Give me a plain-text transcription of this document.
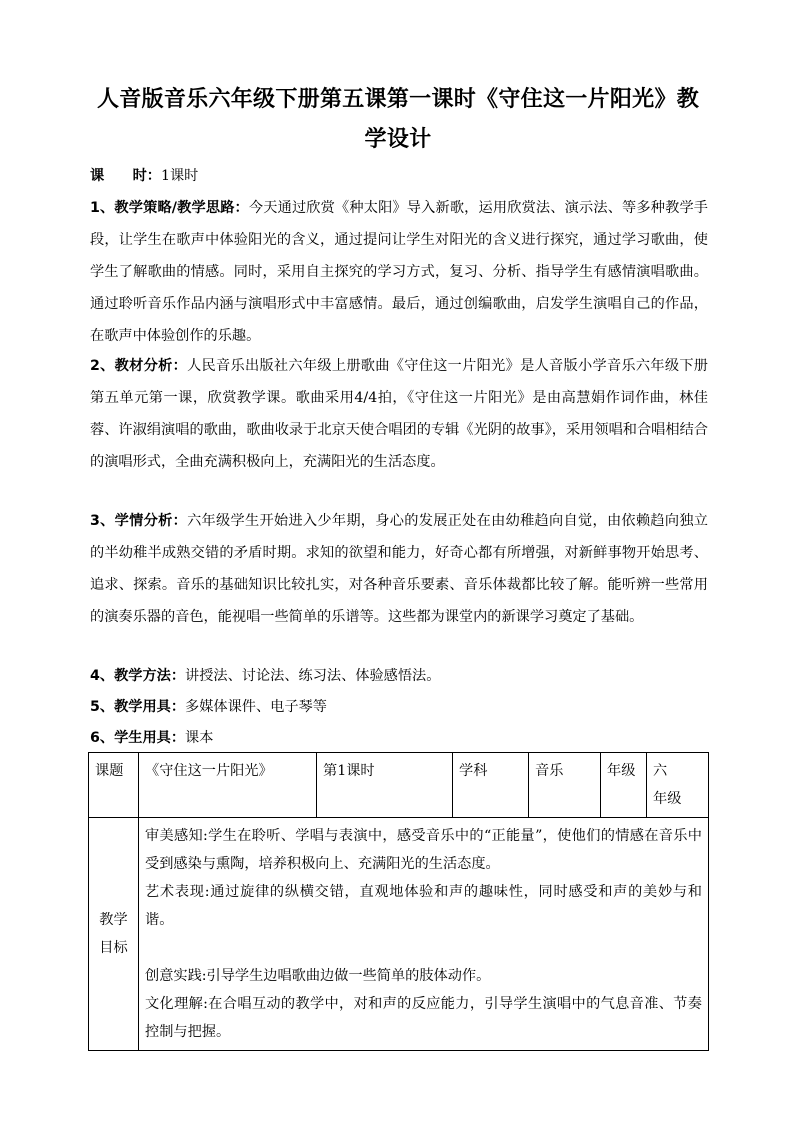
人音版音乐六年级下册第五课第一课时《守住这一片阳光》教学设计

课　　时：1课时

1、教学策略/教学思路：今天通过欣赏《种太阳》导入新歌，运用欣赏法、演示法、等多种教学手段，让学生在歌声中体验阳光的含义，通过提问让学生对阳光的含义进行探究，通过学习歌曲，使学生了解歌曲的情感。同时，采用自主探究的学习方式，复习、分析、指导学生有感情演唱歌曲。通过聆听音乐作品内涵与演唱形式中丰富感情。最后，通过创编歌曲，启发学生演唱自己的作品，在歌声中体验创作的乐趣。

2、教材分析：人民音乐出版社六年级上册歌曲《守住这一片阳光》是人音版小学音乐六年级下册第五单元第一课，欣赏教学课。歌曲采用4/4拍，《守住这一片阳光》是由高慧娟作词作曲，林佳蓉、许淑绢演唱的歌曲，歌曲收录于北京天使合唱团的专辑《光阴的故事》，采用领唱和合唱相结合的演唱形式，全曲充满积极向上，充满阳光的生活态度。

3、学情分析：六年级学生开始进入少年期，身心的发展正处在由幼稚趋向自觉，由依赖趋向独立的半幼稚半成熟交错的矛盾时期。求知的欲望和能力，好奇心都有所增强，对新鲜事物开始思考、追求、探索。音乐的基础知识比较扎实，对各种音乐要素、音乐体裁都比较了解。能听辨一些常用的演奏乐器的音色，能视唱一些简单的乐谱等。这些都为课堂内的新课学习奠定了基础。

4、教学方法：讲授法、讨论法、练习法、体验感悟法。

5、教学用具：多媒体课件、电子琴等

6、学生用具：课本

课题	《守住这一片阳光》	第1课时	学科	音乐	年级	六　　年级
教学目标	审美感知:学生在聆听、学唱与表演中，感受音乐中的“正能量”，使他们的情感在音乐中受到感染与熏陶，培养积极向上、充满阳光的生活态度。

艺术表现:通过旋律的纵横交错，直观地体验和声的趣味性，同时感受和声的美妙与和谐。

创意实践:引导学生边唱歌曲边做一些简单的肢体动作。

文化理解:在合唱互动的教学中，对和声的反应能力，引导学生演唱中的气息音准、节奏控制与把握。					
